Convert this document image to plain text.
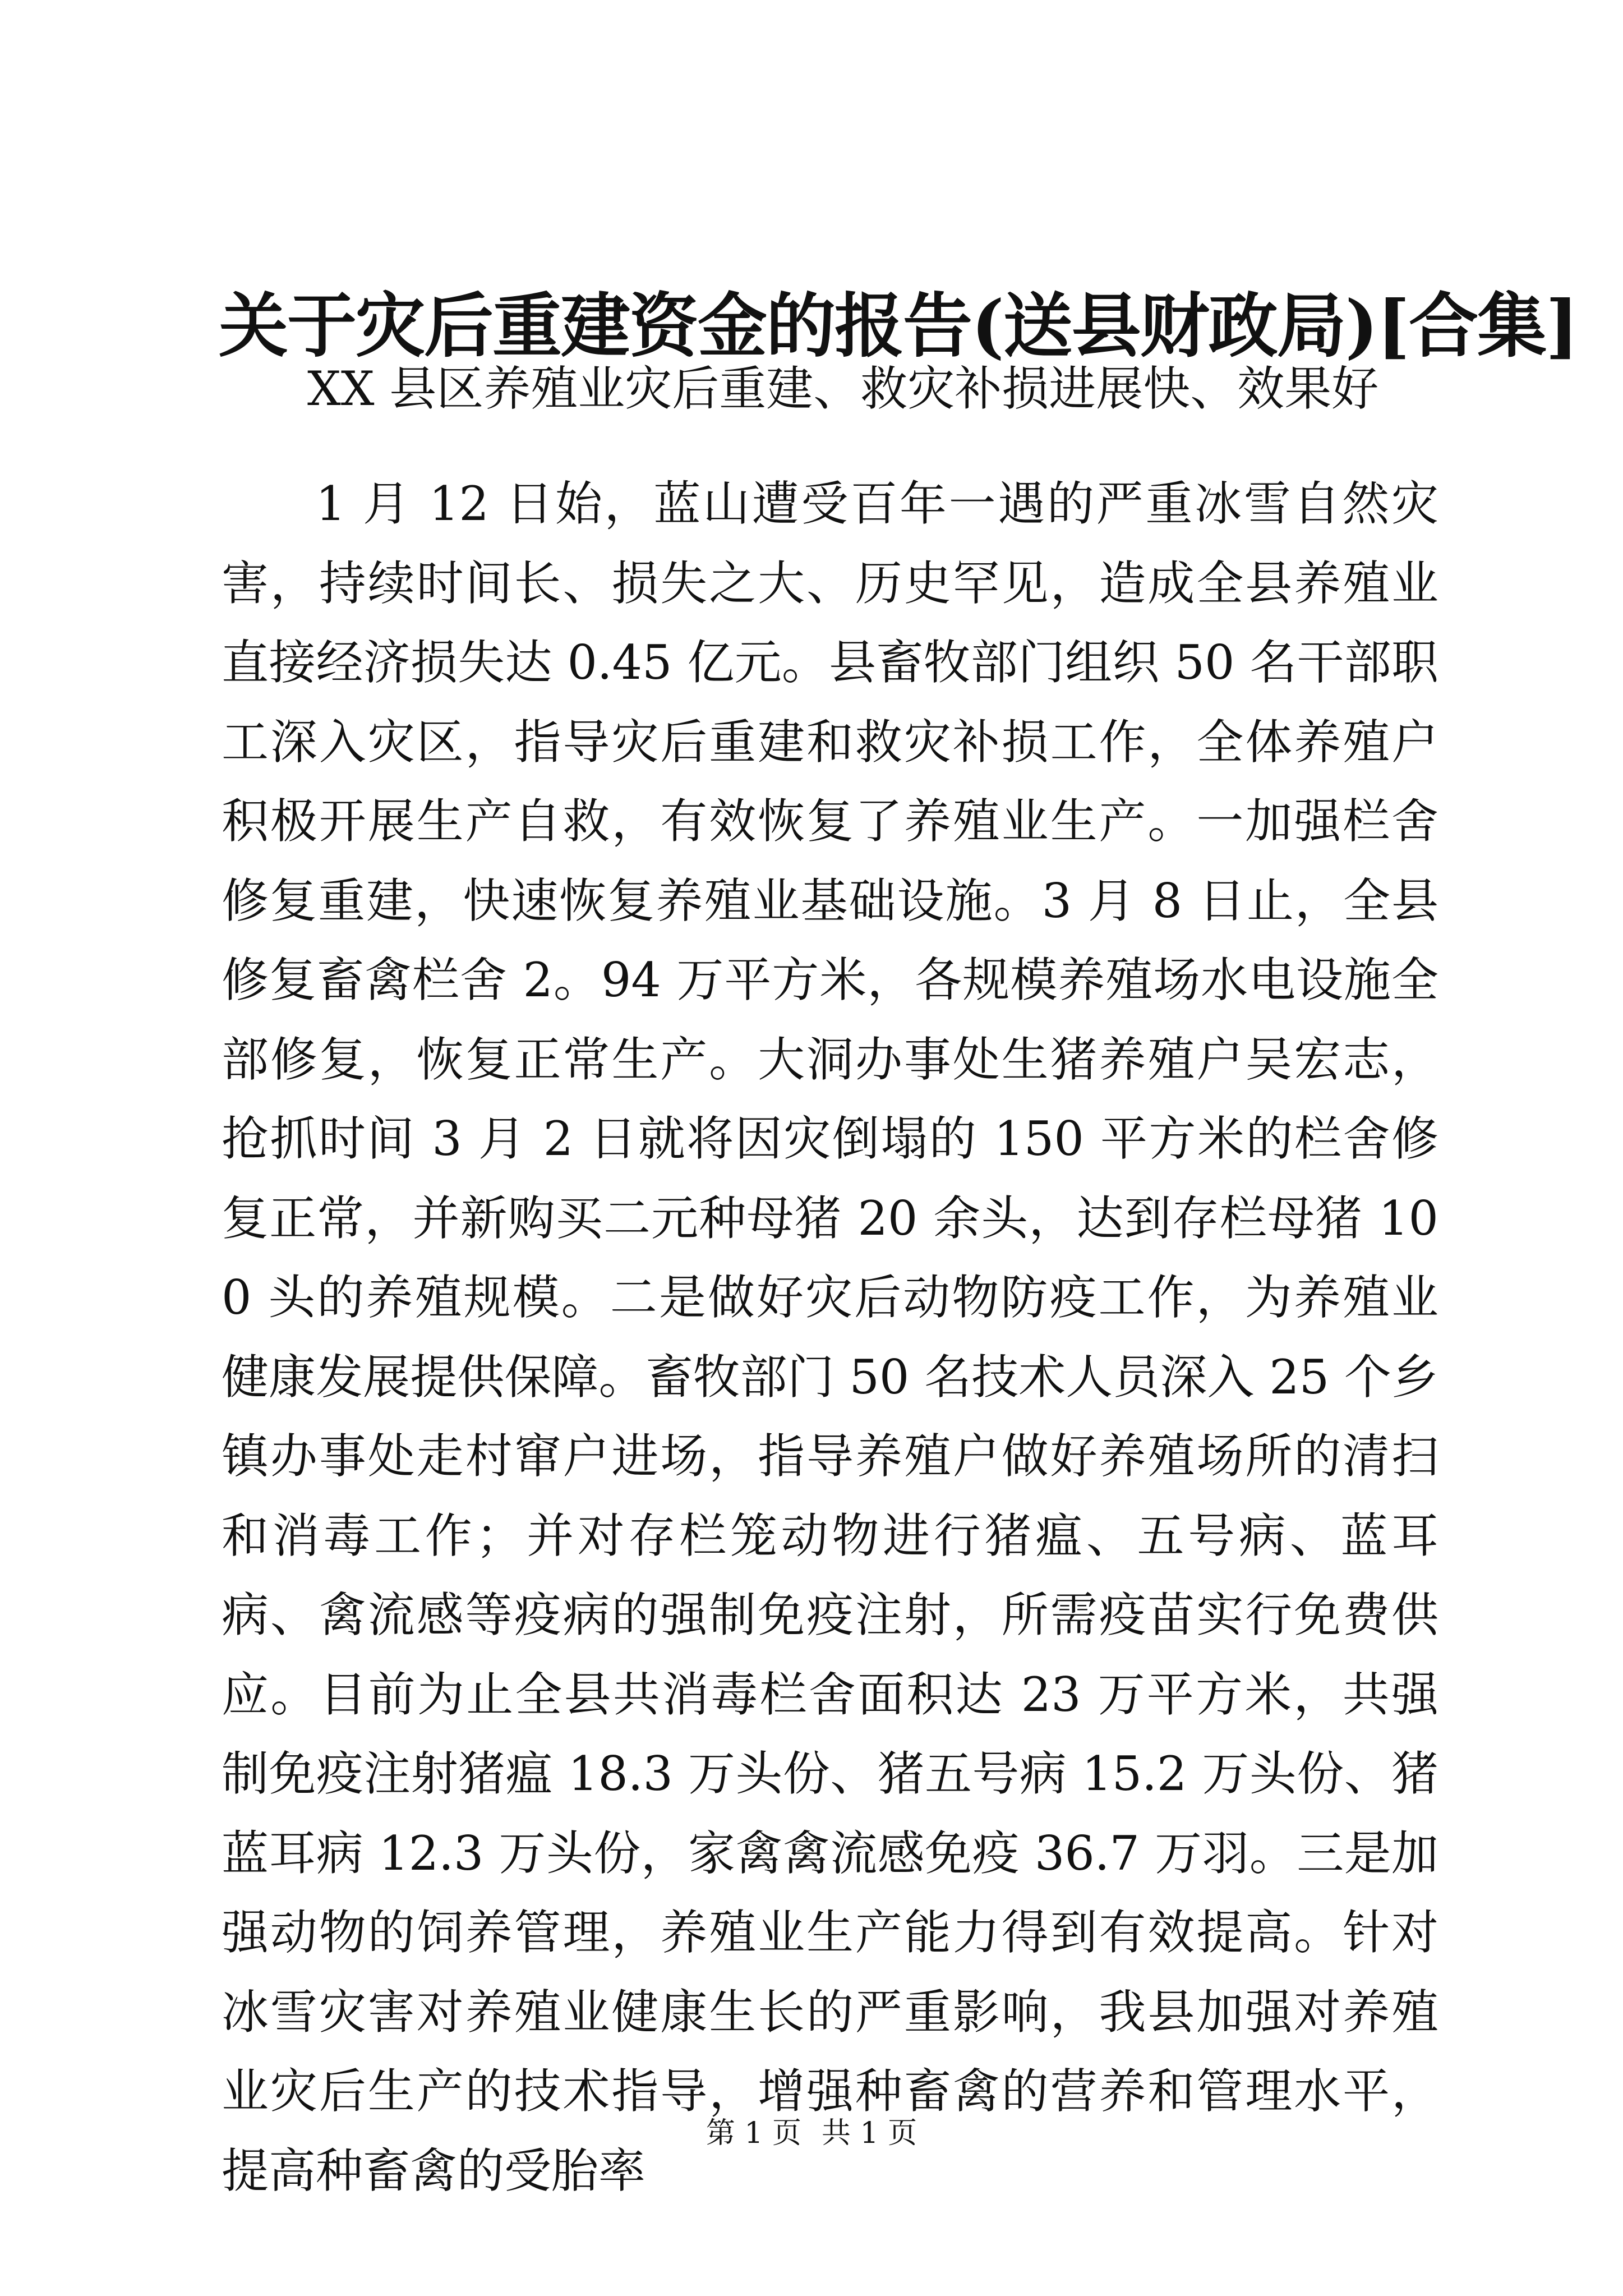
关于灾后重建资金的报告(送县财政局)[合集]

XX 县区养殖业灾后重建、救灾补损进展快、效果好

1 月 12 日始，蓝山遭受百年一遇的严重冰雪自然灾害，持续时间长、损失之大、历史罕见，造成全县养殖业直接经济损失达 0.45 亿元。县畜牧部门组织 50 名干部职工深入灾区，指导灾后重建和救灾补损工作，全体养殖户积极开展生产自救，有效恢复了养殖业生产。一加强栏舍修复重建，快速恢复养殖业基础设施。3 月 8 日止，全县修复畜禽栏舍 2。94 万平方米，各规模养殖场水电设施全部修复，恢复正常生产。大洞办事处生猪养殖户吴宏志，抢抓时间 3 月 2 日就将因灾倒塌的 150 平方米的栏舍修复正常，并新购买二元种母猪 20 余头，达到存栏母猪 100 头的养殖规模。二是做好灾后动物防疫工作，为养殖业健康发展提供保障。畜牧部门 50 名技术人员深入 25 个乡镇办事处走村窜户进场，指导养殖户做好养殖场所的清扫和消毒工作；并对存栏笼动物进行猪瘟、五号病、蓝耳病、禽流感等疫病的强制免疫注射，所需疫苗实行免费供应。目前为止全县共消毒栏舍面积达 23 万平方米，共强制免疫注射猪瘟 18.3 万头份、猪五号病 15.2 万头份、猪蓝耳病 12.3 万头份，家禽禽流感免疫 36.7 万羽。三是加强动物的饲养管理，养殖业生产能力得到有效提高。针对冰雪灾害对养殖业健康生长的严重影响，我县加强对养殖业灾后生产的技术指导，增强种畜禽的营养和管理水平，提高种畜禽的受胎率

第 1 页 共 1 页
